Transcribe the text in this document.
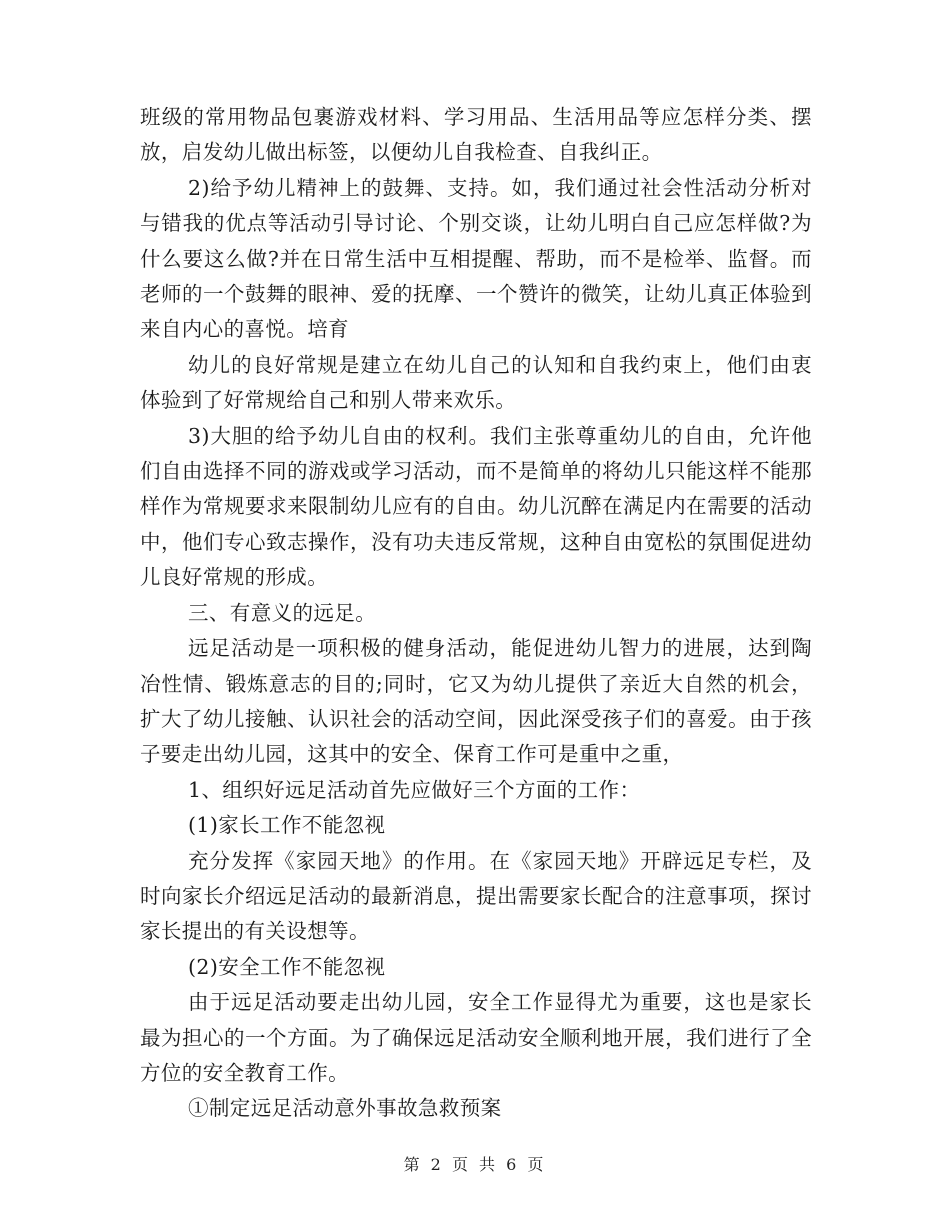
班级的常用物品包裹游戏材料、学习用品、生活用品等应怎样分类、摆放，启发幼儿做出标签，以便幼儿自我检查、自我纠正。

2)给予幼儿精神上的鼓舞、支持。如，我们通过社会性活动分析对与错我的优点等活动引导讨论、个别交谈，让幼儿明白自己应怎样做?为什么要这么做?并在日常生活中互相提醒、帮助，而不是检举、监督。而老师的一个鼓舞的眼神、爱的抚摩、一个赞许的微笑，让幼儿真正体验到来自内心的喜悦。培育

幼儿的良好常规是建立在幼儿自己的认知和自我约束上，他们由衷体验到了好常规给自己和别人带来欢乐。

3)大胆的给予幼儿自由的权利。我们主张尊重幼儿的自由，允许他们自由选择不同的游戏或学习活动，而不是简单的将幼儿只能这样不能那样作为常规要求来限制幼儿应有的自由。幼儿沉醉在满足内在需要的活动中，他们专心致志操作，没有功夫违反常规，这种自由宽松的氛围促进幼儿良好常规的形成。

三、有意义的远足。

远足活动是一项积极的健身活动，能促进幼儿智力的进展，达到陶冶性情、锻炼意志的目的;同时，它又为幼儿提供了亲近大自然的机会，扩大了幼儿接触、认识社会的活动空间，因此深受孩子们的喜爱。由于孩子要走出幼儿园，这其中的安全、保育工作可是重中之重，

1、组织好远足活动首先应做好三个方面的工作：

(1)家长工作不能忽视

充分发挥《家园天地》的作用。在《家园天地》开辟远足专栏，及时向家长介绍远足活动的最新消息，提出需要家长配合的注意事项，探讨家长提出的有关设想等。

(2)安全工作不能忽视

由于远足活动要走出幼儿园，安全工作显得尤为重要，这也是家长最为担心的一个方面。为了确保远足活动安全顺利地开展，我们进行了全方位的安全教育工作。

①制定远足活动意外事故急救预案

第 2 页 共 6 页
